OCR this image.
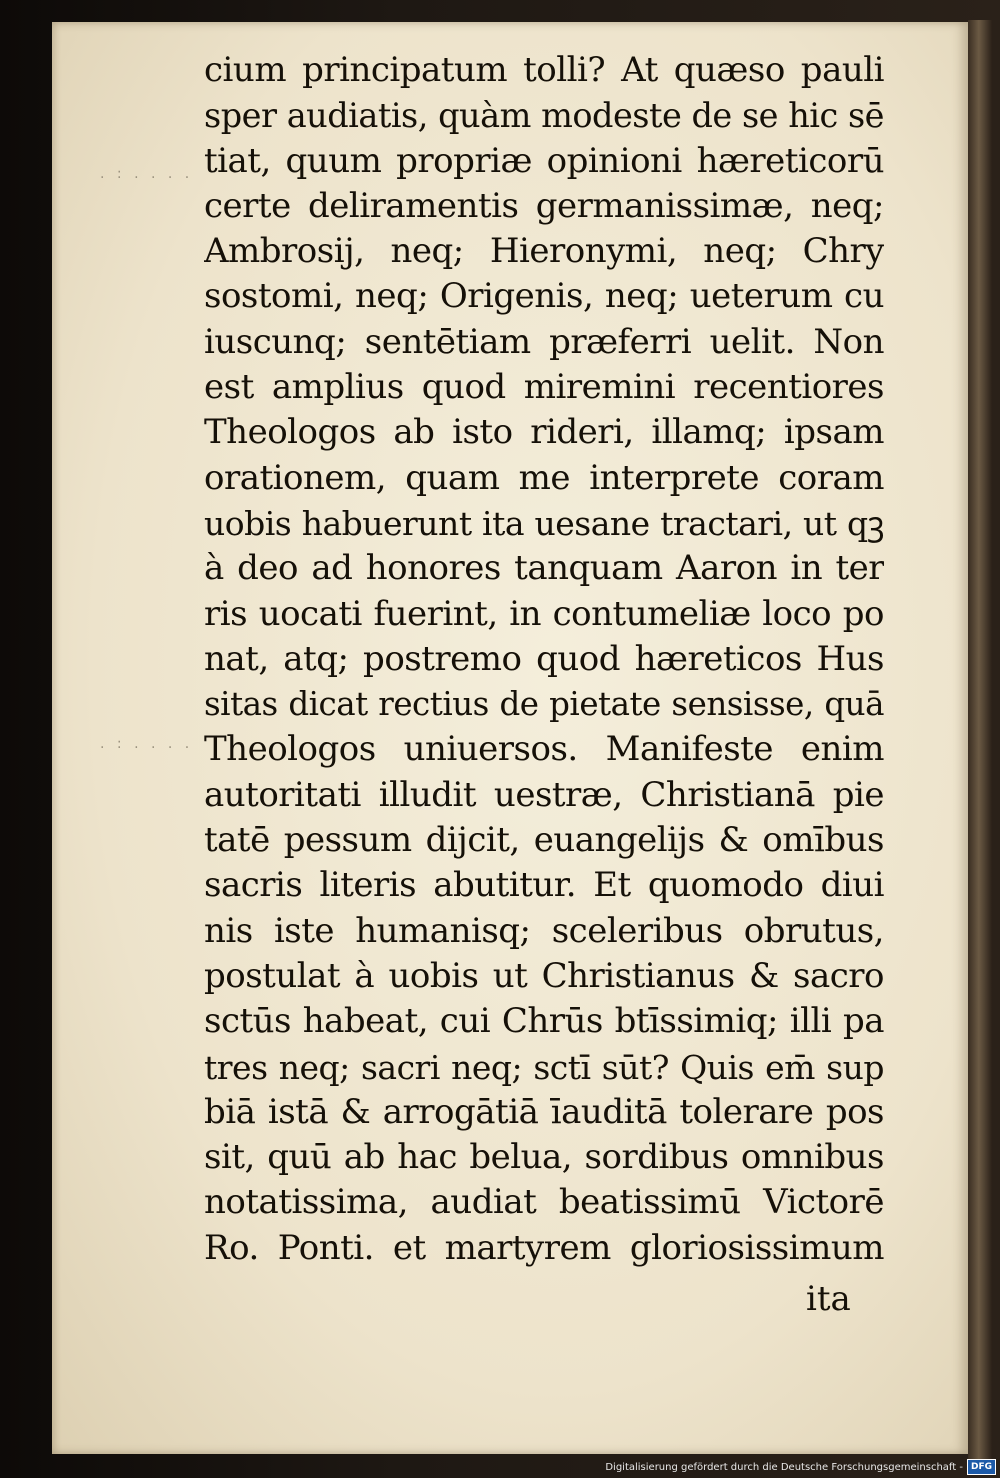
. : . . . .
. : . . . .
cium principatum tolli? At quæso pauli
sper audiatis, quàm modeste de se hic sē
tiat, quum propriæ opinioni hæreticorū
certe deliramentis germanissimæ, neq;
Ambrosij, neq; Hieronymi, neq; Chry
sostomi, neq; Origenis, neq; ueterum cu
iuscunq; sentētiam præferri uelit. Non
est amplius quod miremini recentiores
Theologos ab isto rideri, illamq; ipsam
orationem, quam me interprete coram
uobis habuerunt ita uesane tractari, ut qꝫ
à deo ad honores tanquam Aaron in ter
ris uocati fuerint, in contumeliæ loco po
nat, atq; postremo quod hæreticos Hus
sitas dicat rectius de pietate sensisse, quā
Theologos uniuersos. Manifeste enim
autoritati illudit uestræ, Christianā pie
tatē pessum dijcit, euangelijs & omībus
sacris literis abutitur. Et quomodo diui
nis iste humanisq; sceleribus obrutus,
postulat à uobis ut Christianus & sacro
sctūs habeat, cui Chrūs btīssimiq; illi pa
tres neq; sacri neq; sctī sūt? Quis em̄ sup
biā istā & arrogātiā īauditā tolerare pos
sit, quū ab hac belua, sordibus omnibus
notatissima, audiat beatissimū Victorē
Ro. Ponti. et martyrem gloriosissimum
ita
Digitalisierung gefördert durch die Deutsche Forschungsgemeinschaft - DFG
